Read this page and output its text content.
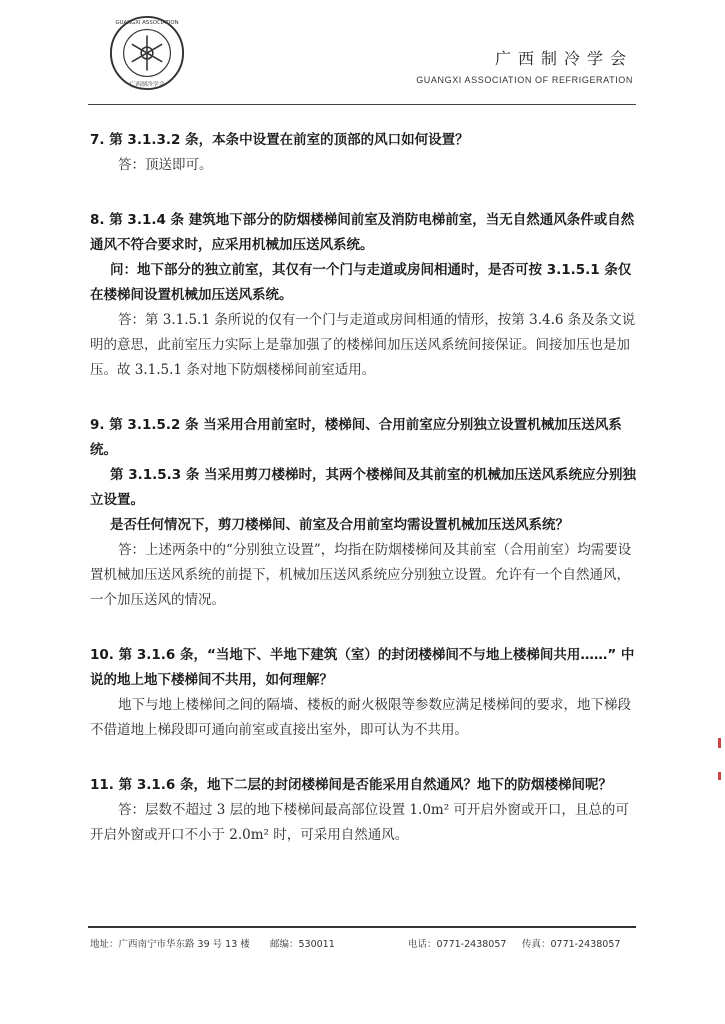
GUANGXI ASSOCIATION
广西制冷学会
广西制冷学会
GUANGXI ASSOCIATION OF REFRIGERATION

7. 第 3.1.3.2 条，本条中设置在前室的顶部的风口如何设置？

答：顶送即可。

8. 第 3.1.4 条 建筑地下部分的防烟楼梯间前室及消防电梯前室，当无自然通风条件或自然通风不符合要求时，应采用机械加压送风系统。

问：地下部分的独立前室，其仅有一个门与走道或房间相通时，是否可按 3.1.5.1 条仅在楼梯间设置机械加压送风系统。

答：第 3.1.5.1 条所说的仅有一个门与走道或房间相通的情形，按第 3.4.6 条及条文说明的意思，此前室压力实际上是靠加强了的楼梯间加压送风系统间接保证。间接加压也是加压。故 3.1.5.1 条对地下防烟楼梯间前室适用。

9. 第 3.1.5.2 条 当采用合用前室时，楼梯间、合用前室应分别独立设置机械加压送风系统。

第 3.1.5.3 条 当采用剪刀楼梯时，其两个楼梯间及其前室的机械加压送风系统应分别独立设置。

是否任何情况下，剪刀楼梯间、前室及合用前室均需设置机械加压送风系统？

答：上述两条中的“分别独立设置”，均指在防烟楼梯间及其前室（合用前室）均需要设置机械加压送风系统的前提下，机械加压送风系统应分别独立设置。允许有一个自然通风，一个加压送风的情况。

10. 第 3.1.6 条，“当地下、半地下建筑（室）的封闭楼梯间不与地上楼梯间共用……” 中说的地上地下楼梯间不共用，如何理解？

地下与地上楼梯间之间的隔墙、楼板的耐火极限等参数应满足楼梯间的要求，地下梯段不借道地上梯段即可通向前室或直接出室外，即可认为不共用。

11. 第 3.1.6 条，地下二层的封闭楼梯间是否能采用自然通风？地下的防烟楼梯间呢？

答：层数不超过 3 层的地下楼梯间最高部位设置 1.0m² 可开启外窗或开口，且总的可开启外窗或开口不小于 2.0m² 时，可采用自然通风。

地址：广西南宁市华东路 39 号 13 楼 邮编：530011	电话：0771-2438057 传真：0771-2438057
